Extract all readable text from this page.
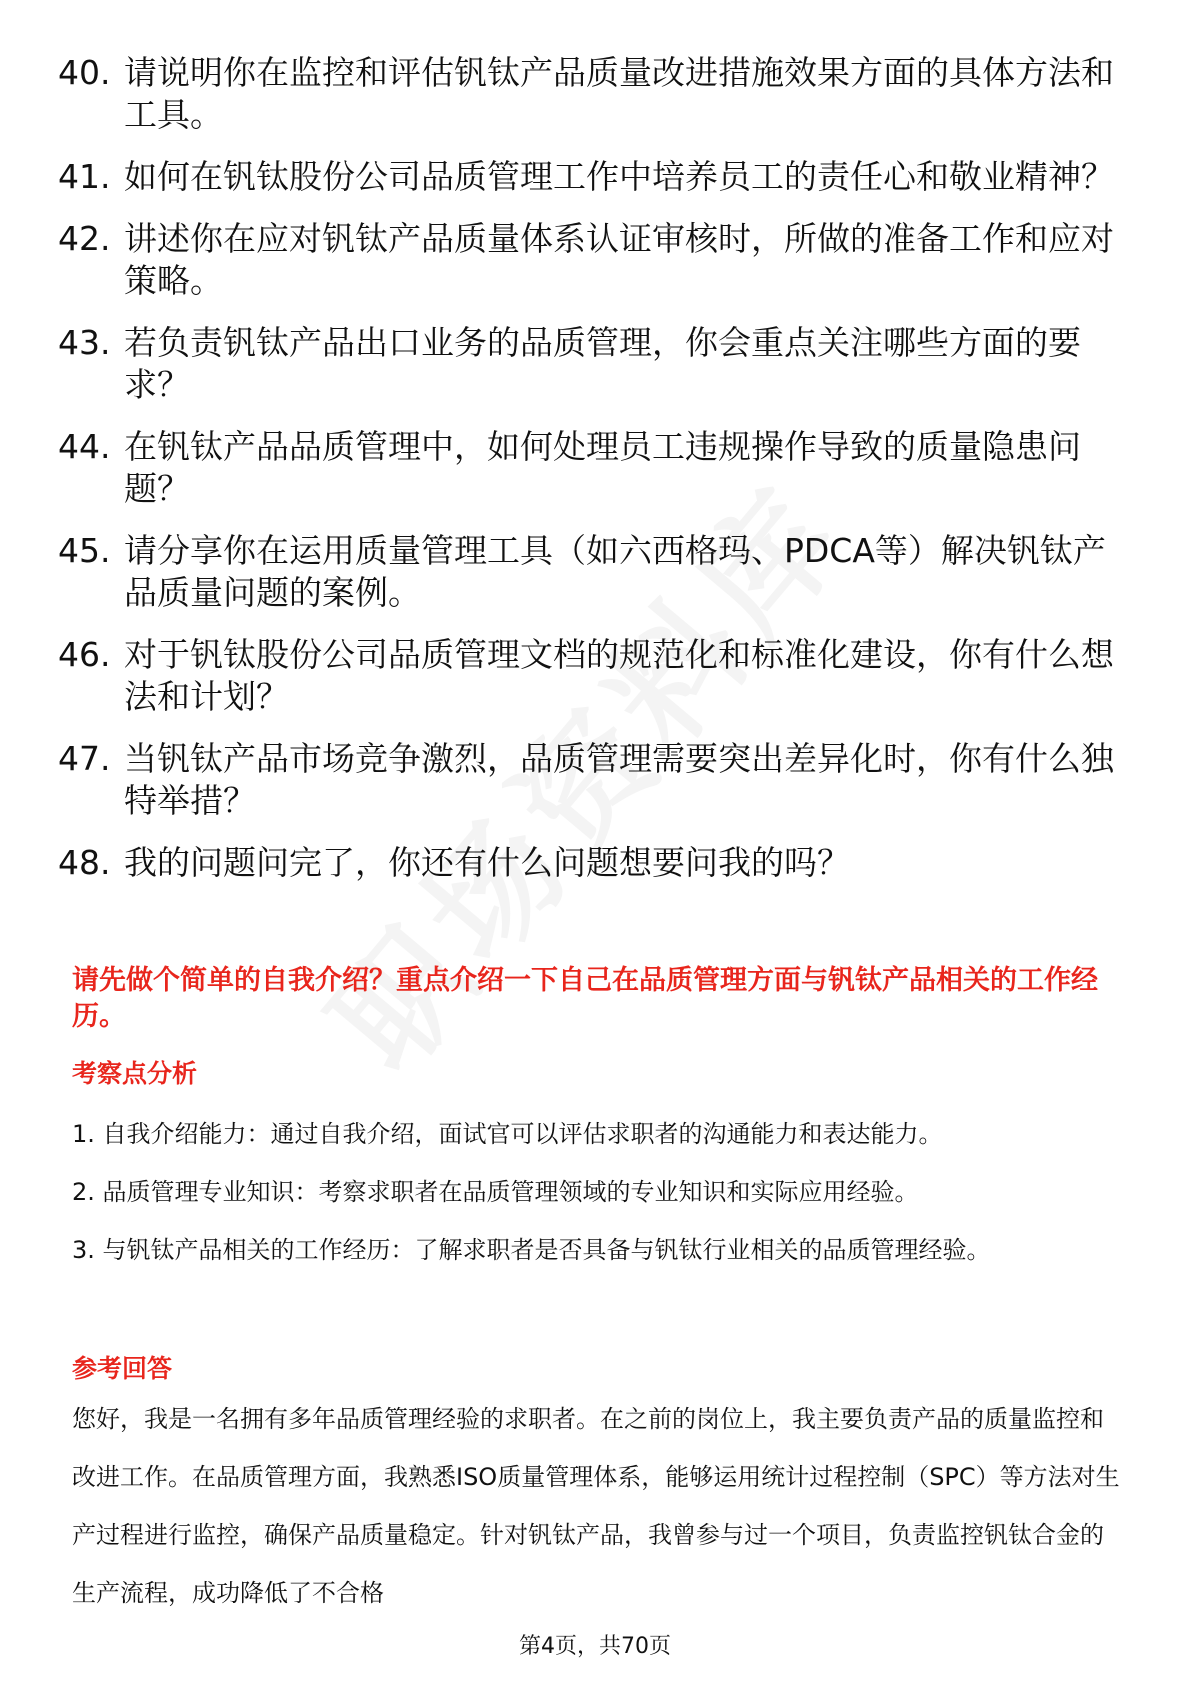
40. 请说明你在监控和评估钒钛产品质量改进措施效果方面的具体方法和工具。
41. 如何在钒钛股份公司品质管理工作中培养员工的责任心和敬业精神？
42. 讲述你在应对钒钛产品质量体系认证审核时，所做的准备工作和应对策略。
43. 若负责钒钛产品出口业务的品质管理，你会重点关注哪些方面的要求？
44. 在钒钛产品品质管理中，如何处理员工违规操作导致的质量隐患问题？
45. 请分享你在运用质量管理工具（如六西格玛、PDCA等）解决钒钛产品质量问题的案例。
46. 对于钒钛股份公司品质管理文档的规范化和标准化建设，你有什么想法和计划？
47. 当钒钛产品市场竞争激烈，品质管理需要突出差异化时，你有什么独特举措？
48. 我的问题问完了，你还有什么问题想要问我的吗？
请先做个简单的自我介绍？重点介绍一下自己在品质管理方面与钒钛产品相关的工作经历。
考察点分析
1. 自我介绍能力：通过自我介绍，面试官可以评估求职者的沟通能力和表达能力。
2. 品质管理专业知识：考察求职者在品质管理领域的专业知识和实际应用经验。
3. 与钒钛产品相关的工作经历：了解求职者是否具备与钒钛行业相关的品质管理经验。
参考回答
您好，我是一名拥有多年品质管理经验的求职者。在之前的岗位上，我主要负责产品的质量监控和改进工作。在品质管理方面，我熟悉ISO质量管理体系，能够运用统计过程控制（SPC）等方法对生产过程进行监控，确保产品质量稳定。针对钒钛产品，我曾参与过一个项目，负责监控钒钛合金的生产流程，成功降低了不合格
第4页，共70页
